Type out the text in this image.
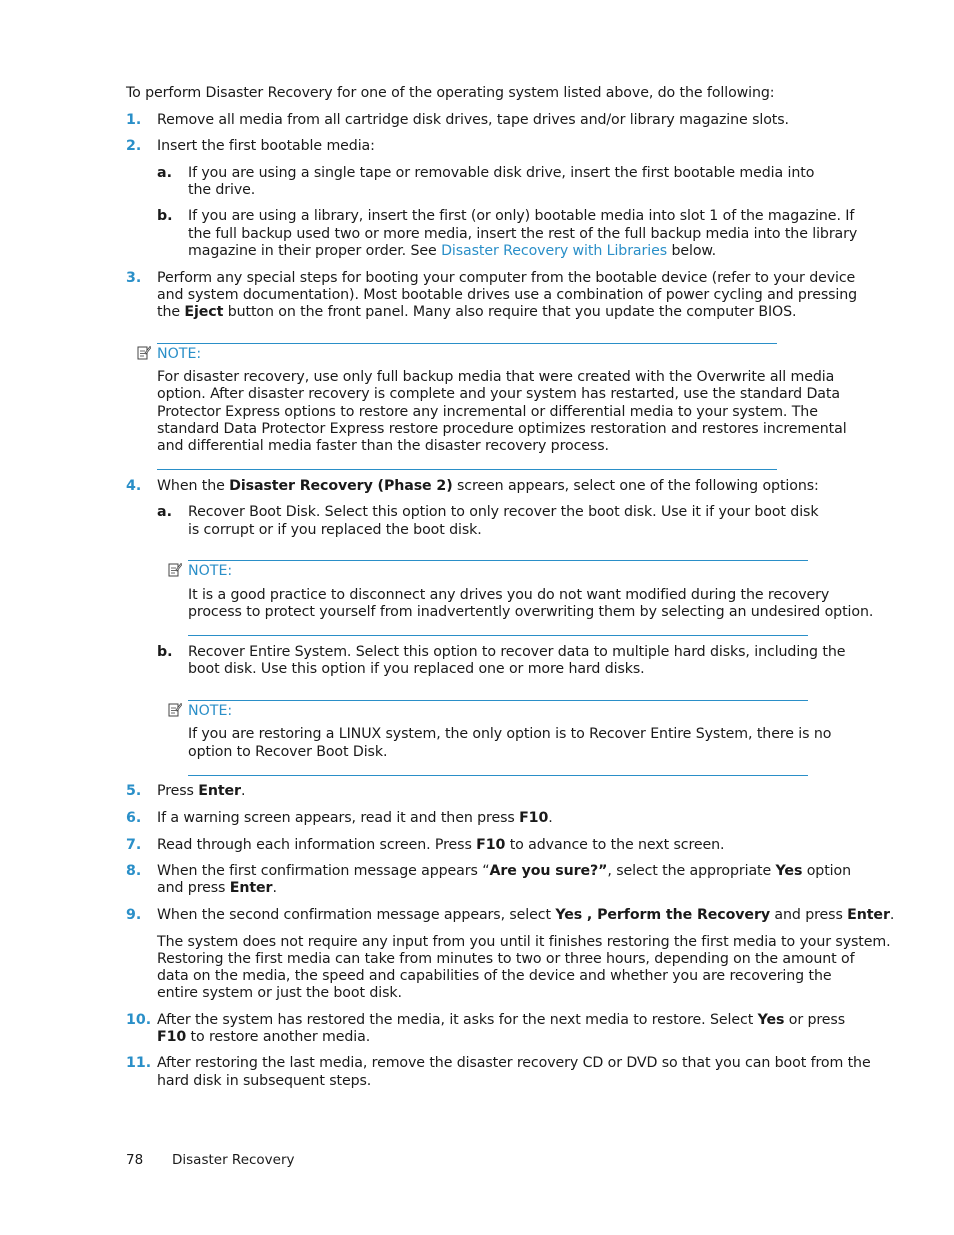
To perform Disaster Recovery for one of the operating system listed above, do the following:
1. Remove all media from all cartridge disk drives, tape drives and/or library magazine slots.
2. Insert the first bootable media:
a. If you are using a single tape or removable disk drive, insert the first bootable media into
the drive.
b. If you are using a library, insert the first (or only) bootable media into slot 1 of the magazine. If
the full backup used two or more media, insert the rest of the full backup media into the library
magazine in their proper order. See Disaster Recovery with Libraries below.
3. Perform any special steps for booting your computer from the bootable device (refer to your device
and system documentation). Most bootable drives use a combination of power cycling and pressing
the Eject button on the front panel. Many also require that you update the computer BIOS.
NOTE:
For disaster recovery, use only full backup media that were created with the Overwrite all media
option. After disaster recovery is complete and your system has restarted, use the standard Data
Protector Express options to restore any incremental or differential media to your system. The
standard Data Protector Express restore procedure optimizes restoration and restores incremental
and differential media faster than the disaster recovery process.
4. When the Disaster Recovery (Phase 2) screen appears, select one of the following options:
a. Recover Boot Disk. Select this option to only recover the boot disk. Use it if your boot disk
is corrupt or if you replaced the boot disk.
NOTE:
It is a good practice to disconnect any drives you do not want modified during the recovery
process to protect yourself from inadvertently overwriting them by selecting an undesired option.
b. Recover Entire System. Select this option to recover data to multiple hard disks, including the
boot disk. Use this option if you replaced one or more hard disks.
NOTE:
If you are restoring a LINUX system, the only option is to Recover Entire System, there is no
option to Recover Boot Disk.
5. Press Enter.
6. If a warning screen appears, read it and then press F10.
7. Read through each information screen. Press F10 to advance to the next screen.
8. When the first confirmation message appears “Are you sure?”, select the appropriate Yes option
and press Enter.
9. When the second confirmation message appears, select Yes , Perform the Recovery and press Enter.
The system does not require any input from you until it finishes restoring the first media to your system.
Restoring the first media can take from minutes to two or three hours, depending on the amount of
data on the media, the speed and capabilities of the device and whether you are recovering the
entire system or just the boot disk.
10. After the system has restored the media, it asks for the next media to restore. Select Yes or press
F10 to restore another media.
11. After restoring the last media, remove the disaster recovery CD or DVD so that you can boot from the
hard disk in subsequent steps.
78 Disaster Recovery
